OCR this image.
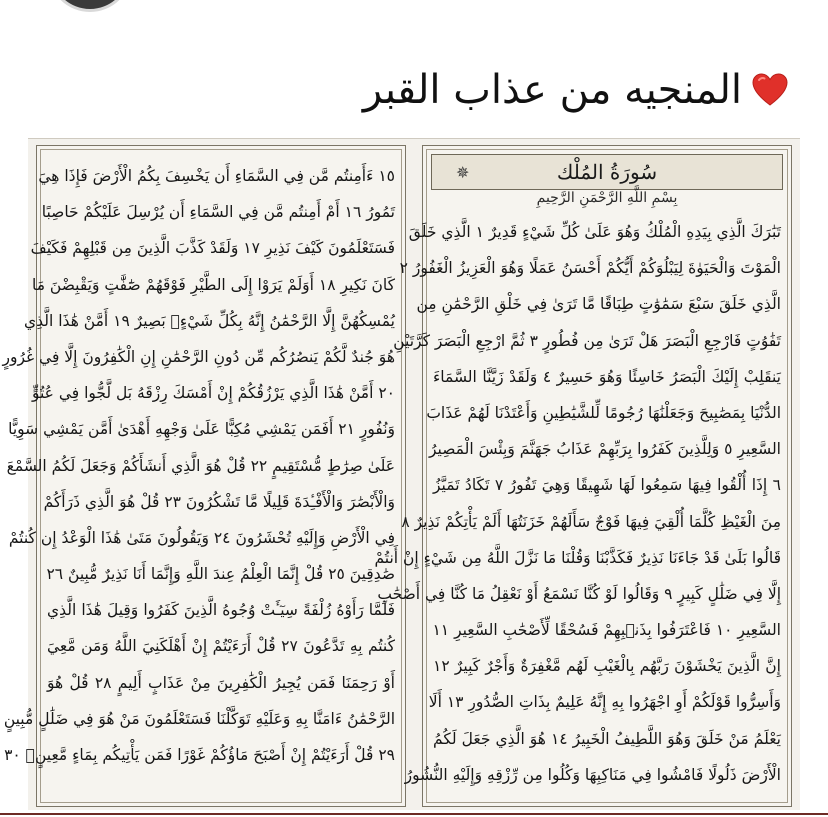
المنجيه من عذاب القبر
١٥ ءَأَمِنتُم مَّن فِي السَّمَاءِ أَن يَخْسِفَ بِكُمُ الْأَرْضَ فَإِذَا هِيَ
تَمُورُ ١٦ أَمْ أَمِنتُم مَّن فِي السَّمَاءِ أَن يُرْسِلَ عَلَيْكُمْ حَاصِبًا
فَسَتَعْلَمُونَ كَيْفَ نَذِيرِ ١٧ وَلَقَدْ كَذَّبَ الَّذِينَ مِن قَبْلِهِمْ فَكَيْفَ
كَانَ نَكِيرِ ١٨ أَوَلَمْ يَرَوْا إِلَى الطَّيْرِ فَوْقَهُمْ صَٰٓفَّٰتٍ وَيَقْبِضْنَ مَا
يُمْسِكُهُنَّ إِلَّا الرَّحْمَٰنُ إِنَّهُ بِكُلِّ شَيْءٍۭ بَصِيرٌ ١٩ أَمَّنْ هَٰذَا الَّذِي
هُوَ جُندٌ لَّكُمْ يَنصُرُكُم مِّن دُونِ الرَّحْمَٰنِ إِنِ الْكَٰفِرُونَ إِلَّا فِي غُرُورٍ
٢٠ أَمَّنْ هَٰذَا الَّذِي يَرْزُقُكُمْ إِنْ أَمْسَكَ رِزْقَهُ بَل لَّجُّوا فِي عُتُوٍّ
وَنُفُورٍ ٢١ أَفَمَن يَمْشِي مُكِبًّا عَلَىٰ وَجْهِهِ أَهْدَىٰ أَمَّن يَمْشِي سَوِيًّا
عَلَىٰ صِرَٰطٍ مُّسْتَقِيمٍ ٢٢ قُلْ هُوَ الَّذِي أَنشَأَكُمْ وَجَعَلَ لَكُمُ السَّمْعَ
وَالْأَبْصَٰرَ وَالْأَفْـِٔدَةَ قَلِيلًا مَّا تَشْكُرُونَ ٢٣ قُلْ هُوَ الَّذِي ذَرَأَكُمْ
فِي الْأَرْضِ وَإِلَيْهِ تُحْشَرُونَ ٢٤ وَيَقُولُونَ مَتَىٰ هَٰذَا الْوَعْدُ إِن كُنتُمْ
صَٰدِقِينَ ٢٥ قُلْ إِنَّمَا الْعِلْمُ عِندَ اللَّهِ وَإِنَّمَا أَنَا نَذِيرٌ مُّبِينٌ ٢٦
فَلَمَّا رَأَوْهُ زُلْفَةً سِيٓـَٔتْ وُجُوهُ الَّذِينَ كَفَرُوا وَقِيلَ هَٰذَا الَّذِي
كُنتُم بِهِ تَدَّعُونَ ٢٧ قُلْ أَرَءَيْتُمْ إِنْ أَهْلَكَنِيَ اللَّهُ وَمَن مَّعِيَ
أَوْ رَحِمَنَا فَمَن يُجِيرُ الْكَٰفِرِينَ مِنْ عَذَابٍ أَلِيمٍ ٢٨ قُلْ هُوَ
الرَّحْمَٰنُ ءَامَنَّا بِهِ وَعَلَيْهِ تَوَكَّلْنَا فَسَتَعْلَمُونَ مَنْ هُوَ فِي ضَلَٰلٍ مُّبِينٍ
٢٩ قُلْ أَرَءَيْتُمْ إِنْ أَصْبَحَ مَاؤُكُمْ غَوْرًا فَمَن يَأْتِيكُم بِمَاءٍ مَّعِينٍۭ ٣٠
✵	سُورَةُ المُلْك
بِسْمِ اللَّهِ الرَّحْمَنِ الرَّحِيمِ
تَبَٰرَكَ الَّذِي بِيَدِهِ الْمُلْكُ وَهُوَ عَلَىٰ كُلِّ شَيْءٍ قَدِيرٌ ١ الَّذِي خَلَقَ
الْمَوْتَ وَالْحَيَوٰةَ لِيَبْلُوَكُمْ أَيُّكُمْ أَحْسَنُ عَمَلًا وَهُوَ الْعَزِيزُ الْغَفُورُ ٢
الَّذِي خَلَقَ سَبْعَ سَمَٰوَٰتٍ طِبَاقًا مَّا تَرَىٰ فِي خَلْقِ الرَّحْمَٰنِ مِن
تَفَٰوُتٍ فَارْجِعِ الْبَصَرَ هَلْ تَرَىٰ مِن فُطُورٍ ٣ ثُمَّ ارْجِعِ الْبَصَرَ كَرَّتَيْنِ
يَنقَلِبْ إِلَيْكَ الْبَصَرُ خَاسِئًا وَهُوَ حَسِيرٌ ٤ وَلَقَدْ زَيَّنَّا السَّمَاءَ
الدُّنْيَا بِمَصَٰبِيحَ وَجَعَلْنَٰهَا رُجُومًا لِّلشَّيَٰطِينِ وَأَعْتَدْنَا لَهُمْ عَذَابَ
السَّعِيرِ ٥ وَلِلَّذِينَ كَفَرُوا بِرَبِّهِمْ عَذَابُ جَهَنَّمَ وَبِئْسَ الْمَصِيرُ
٦ إِذَا أُلْقُوا فِيهَا سَمِعُوا لَهَا شَهِيقًا وَهِيَ تَفُورُ ٧ تَكَادُ تَمَيَّزُ
مِنَ الْغَيْظِ كُلَّمَا أُلْقِيَ فِيهَا فَوْجٌ سَأَلَهُمْ خَزَنَتُهَا أَلَمْ يَأْتِكُمْ نَذِيرٌ ٨
قَالُوا بَلَىٰ قَدْ جَاءَنَا نَذِيرٌ فَكَذَّبْنَا وَقُلْنَا مَا نَزَّلَ اللَّهُ مِن شَيْءٍ إِنْ أَنتُمْ
إِلَّا فِي ضَلَٰلٍ كَبِيرٍ ٩ وَقَالُوا لَوْ كُنَّا نَسْمَعُ أَوْ نَعْقِلُ مَا كُنَّا فِي أَصْحَٰبِ
السَّعِيرِ ١٠ فَاعْتَرَفُوا بِذَنۢبِهِمْ فَسُحْقًا لِّأَصْحَٰبِ السَّعِيرِ ١١
إِنَّ الَّذِينَ يَخْشَوْنَ رَبَّهُم بِالْغَيْبِ لَهُم مَّغْفِرَةٌ وَأَجْرٌ كَبِيرٌ ١٢
وَأَسِرُّوا قَوْلَكُمْ أَوِ اجْهَرُوا بِهِ إِنَّهُ عَلِيمٌ بِذَاتِ الصُّدُورِ ١٣ أَلَا
يَعْلَمُ مَنْ خَلَقَ وَهُوَ اللَّطِيفُ الْخَبِيرُ ١٤ هُوَ الَّذِي جَعَلَ لَكُمُ
الْأَرْضَ ذَلُولًا فَامْشُوا فِي مَنَاكِبِهَا وَكُلُوا مِن رِّزْقِهِ وَإِلَيْهِ النُّشُورُ
